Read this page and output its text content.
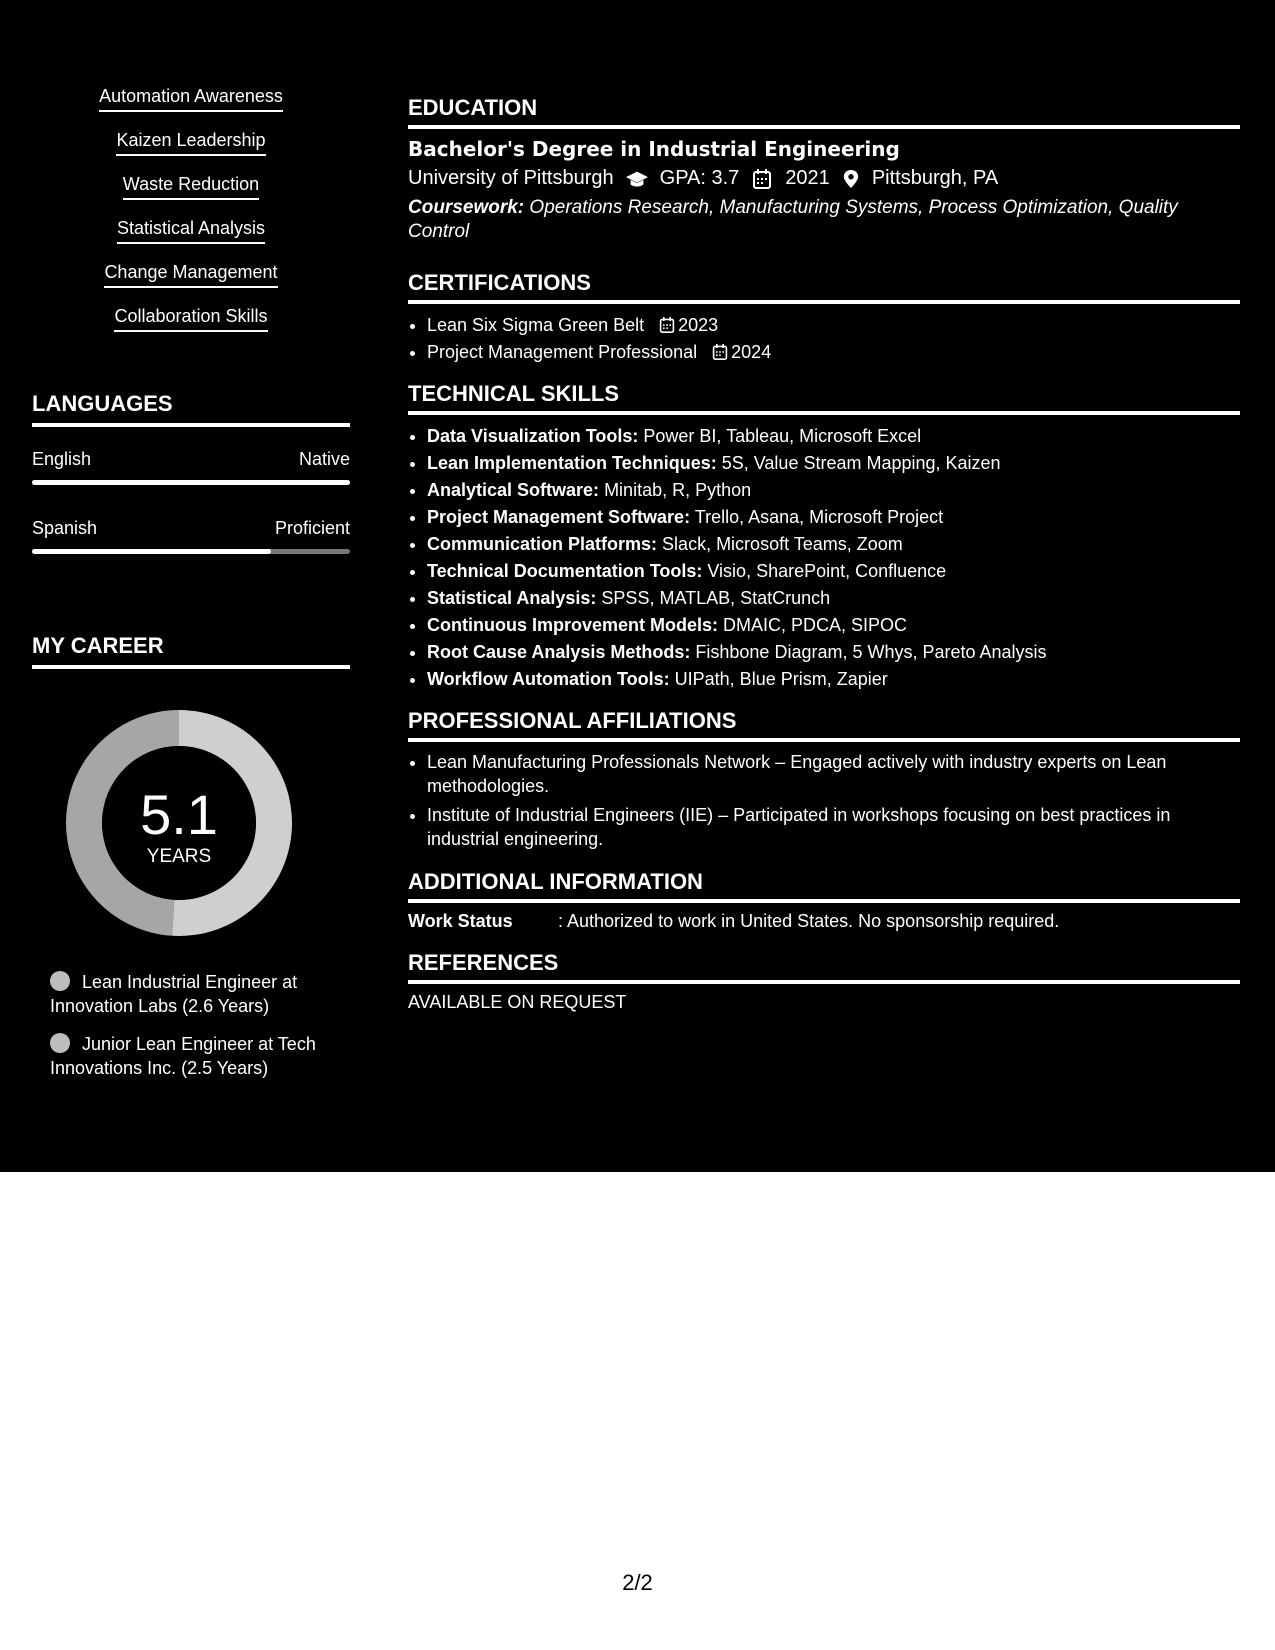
Automation Awareness
Kaizen Leadership
Waste Reduction
Statistical Analysis
Change Management
Collaboration Skills
LANGUAGES
English	Native
Spanish	Proficient
MY CAREER
5.1
YEARS
Lean Industrial Engineer at Innovation Labs (2.6 Years)
Junior Lean Engineer at Tech Innovations Inc. (2.5 Years)
EDUCATION
Bachelor's Degree in Industrial Engineering
University of Pittsburgh GPA: 3.7 2021 Pittsburgh, PA
Coursework: Operations Research, Manufacturing Systems, Process Optimization, Quality Control
CERTIFICATIONS
• Lean Six Sigma Green Belt 2023
• Project Management Professional 2024
TECHNICAL SKILLS
• Data Visualization Tools: Power BI, Tableau, Microsoft Excel
• Lean Implementation Techniques: 5S, Value Stream Mapping, Kaizen
• Analytical Software: Minitab, R, Python
• Project Management Software: Trello, Asana, Microsoft Project
• Communication Platforms: Slack, Microsoft Teams, Zoom
• Technical Documentation Tools: Visio, SharePoint, Confluence
• Statistical Analysis: SPSS, MATLAB, StatCrunch
• Continuous Improvement Models: DMAIC, PDCA, SIPOC
• Root Cause Analysis Methods: Fishbone Diagram, 5 Whys, Pareto Analysis
• Workflow Automation Tools: UIPath, Blue Prism, Zapier
PROFESSIONAL AFFILIATIONS
• Lean Manufacturing Professionals Network – Engaged actively with industry experts on Lean methodologies.
• Institute of Industrial Engineers (IIE) – Participated in workshops focusing on best practices in industrial engineering.
ADDITIONAL INFORMATION
Work Status	: Authorized to work in United States. No sponsorship required.
REFERENCES
AVAILABLE ON REQUEST
2/2
